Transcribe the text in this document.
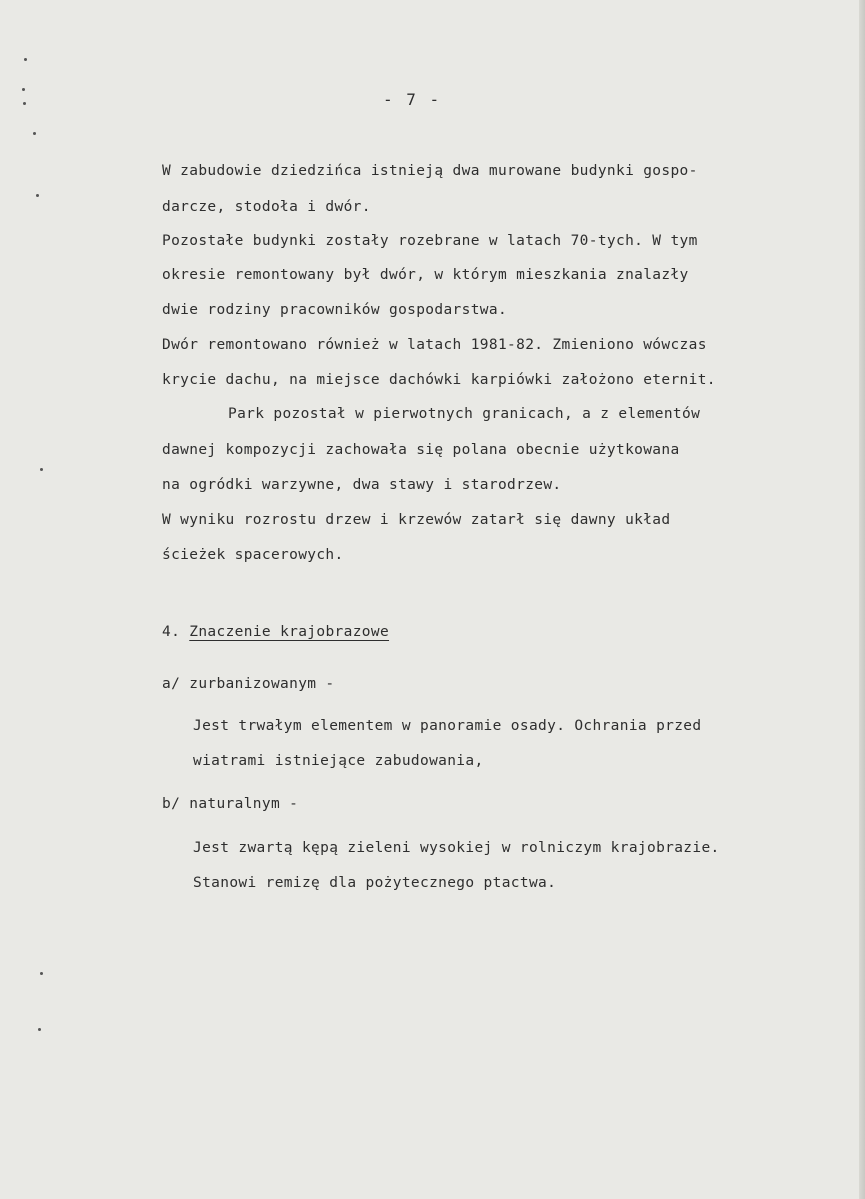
- 7 -

W zabudowie dziedzińca istnieją dwa murowane budynki gospo-

darcze, stodoła i dwór.

Pozostałe budynki zostały rozebrane w latach 70-tych. W tym

okresie remontowany był dwór, w którym mieszkania znalazły

dwie rodziny pracowników gospodarstwa.

Dwór remontowano również w latach 1981-82. Zmieniono wówczas

krycie dachu, na miejsce dachówki karpiówki założono eternit.

Park pozostał w pierwotnych granicach, a z elementów

dawnej kompozycji zachowała się polana obecnie użytkowana

na ogródki warzywne, dwa stawy i starodrzew.

W wyniku rozrostu drzew i krzewów zatarł się dawny układ

ścieżek spacerowych.

4. Znaczenie krajobrazowe

a/ zurbanizowanym -

Jest trwałym elementem w panoramie osady. Ochrania przed

wiatrami istniejące zabudowania,

b/ naturalnym -

Jest zwartą kępą zieleni wysokiej w rolniczym krajobrazie.

Stanowi remizę dla pożytecznego ptactwa.
